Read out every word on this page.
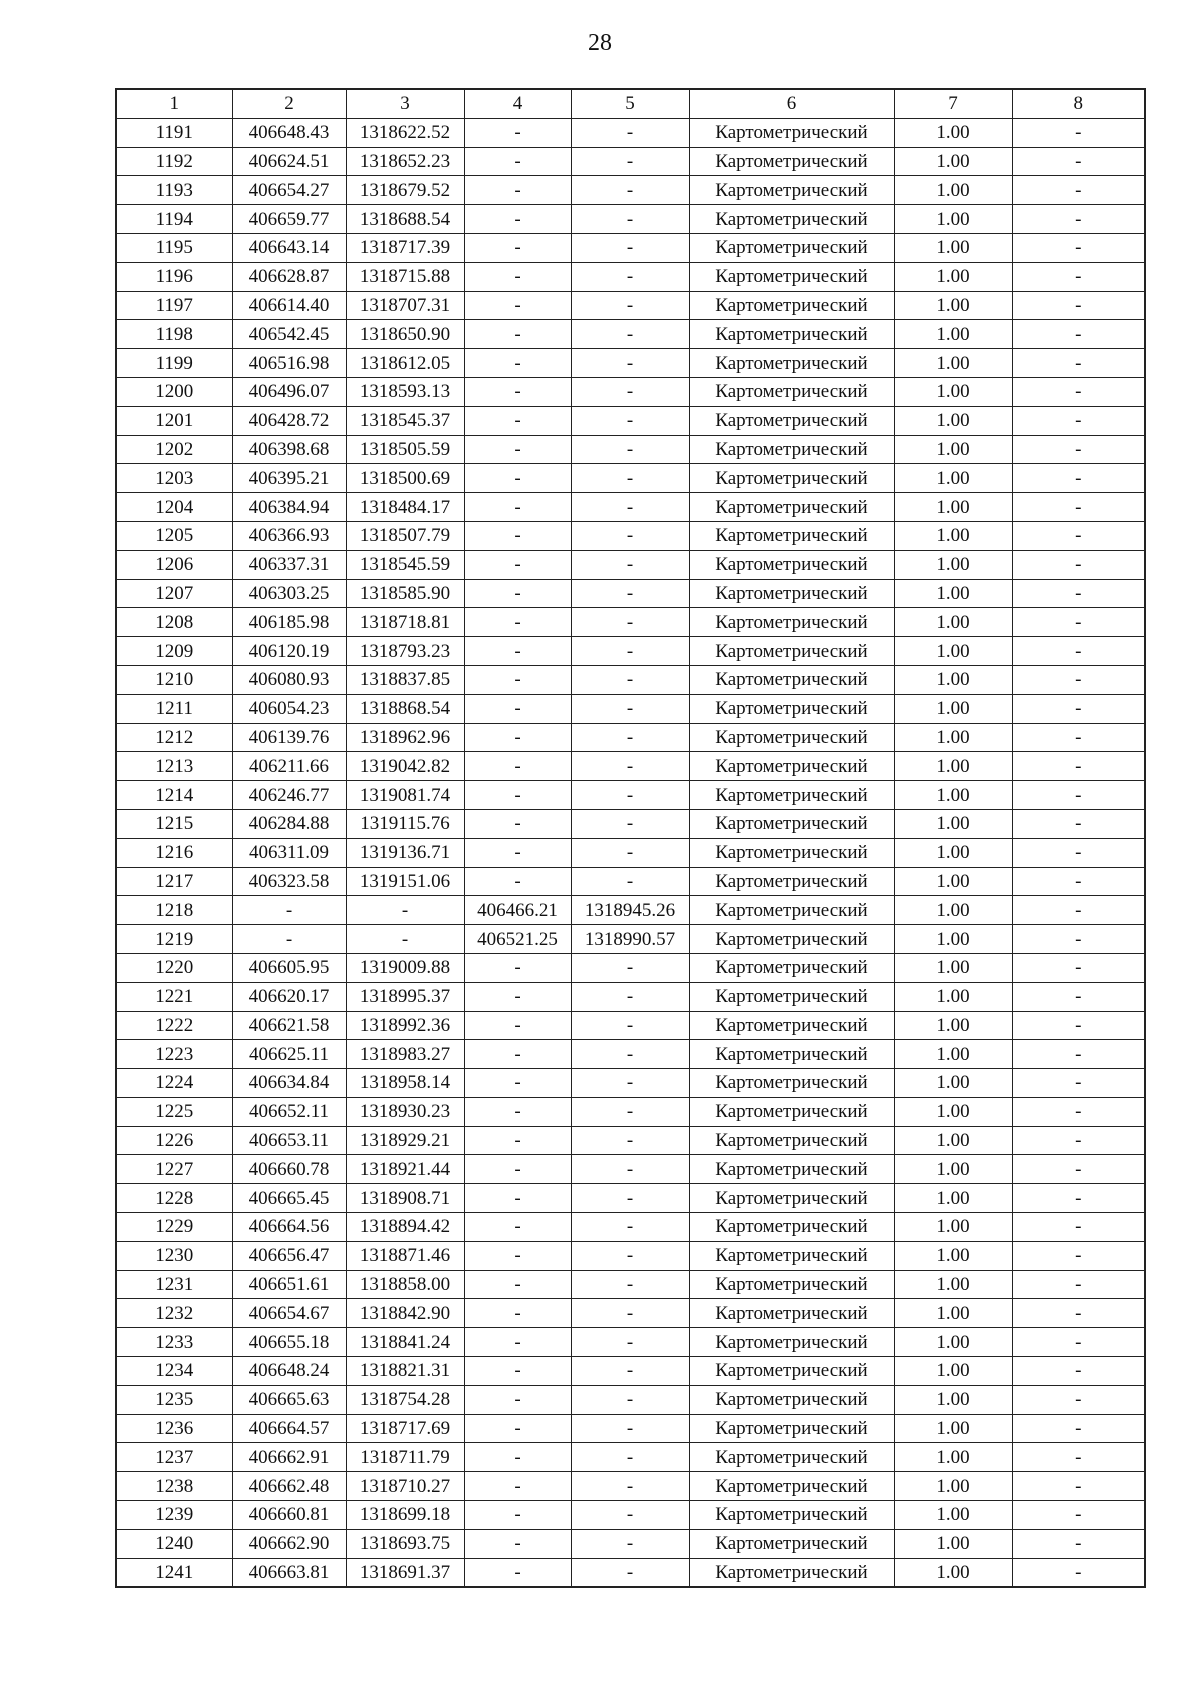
28
1	2	3	4	5	6	7	8
1191	406648.43	1318622.52	-	-	Картометрический	1.00	-
1192	406624.51	1318652.23	-	-	Картометрический	1.00	-
1193	406654.27	1318679.52	-	-	Картометрический	1.00	-
1194	406659.77	1318688.54	-	-	Картометрический	1.00	-
1195	406643.14	1318717.39	-	-	Картометрический	1.00	-
1196	406628.87	1318715.88	-	-	Картометрический	1.00	-
1197	406614.40	1318707.31	-	-	Картометрический	1.00	-
1198	406542.45	1318650.90	-	-	Картометрический	1.00	-
1199	406516.98	1318612.05	-	-	Картометрический	1.00	-
1200	406496.07	1318593.13	-	-	Картометрический	1.00	-
1201	406428.72	1318545.37	-	-	Картометрический	1.00	-
1202	406398.68	1318505.59	-	-	Картометрический	1.00	-
1203	406395.21	1318500.69	-	-	Картометрический	1.00	-
1204	406384.94	1318484.17	-	-	Картометрический	1.00	-
1205	406366.93	1318507.79	-	-	Картометрический	1.00	-
1206	406337.31	1318545.59	-	-	Картометрический	1.00	-
1207	406303.25	1318585.90	-	-	Картометрический	1.00	-
1208	406185.98	1318718.81	-	-	Картометрический	1.00	-
1209	406120.19	1318793.23	-	-	Картометрический	1.00	-
1210	406080.93	1318837.85	-	-	Картометрический	1.00	-
1211	406054.23	1318868.54	-	-	Картометрический	1.00	-
1212	406139.76	1318962.96	-	-	Картометрический	1.00	-
1213	406211.66	1319042.82	-	-	Картометрический	1.00	-
1214	406246.77	1319081.74	-	-	Картометрический	1.00	-
1215	406284.88	1319115.76	-	-	Картометрический	1.00	-
1216	406311.09	1319136.71	-	-	Картометрический	1.00	-
1217	406323.58	1319151.06	-	-	Картометрический	1.00	-
1218	-	-	406466.21	1318945.26	Картометрический	1.00	-
1219	-	-	406521.25	1318990.57	Картометрический	1.00	-
1220	406605.95	1319009.88	-	-	Картометрический	1.00	-
1221	406620.17	1318995.37	-	-	Картометрический	1.00	-
1222	406621.58	1318992.36	-	-	Картометрический	1.00	-
1223	406625.11	1318983.27	-	-	Картометрический	1.00	-
1224	406634.84	1318958.14	-	-	Картометрический	1.00	-
1225	406652.11	1318930.23	-	-	Картометрический	1.00	-
1226	406653.11	1318929.21	-	-	Картометрический	1.00	-
1227	406660.78	1318921.44	-	-	Картометрический	1.00	-
1228	406665.45	1318908.71	-	-	Картометрический	1.00	-
1229	406664.56	1318894.42	-	-	Картометрический	1.00	-
1230	406656.47	1318871.46	-	-	Картометрический	1.00	-
1231	406651.61	1318858.00	-	-	Картометрический	1.00	-
1232	406654.67	1318842.90	-	-	Картометрический	1.00	-
1233	406655.18	1318841.24	-	-	Картометрический	1.00	-
1234	406648.24	1318821.31	-	-	Картометрический	1.00	-
1235	406665.63	1318754.28	-	-	Картометрический	1.00	-
1236	406664.57	1318717.69	-	-	Картометрический	1.00	-
1237	406662.91	1318711.79	-	-	Картометрический	1.00	-
1238	406662.48	1318710.27	-	-	Картометрический	1.00	-
1239	406660.81	1318699.18	-	-	Картометрический	1.00	-
1240	406662.90	1318693.75	-	-	Картометрический	1.00	-
1241	406663.81	1318691.37	-	-	Картометрический	1.00	-
